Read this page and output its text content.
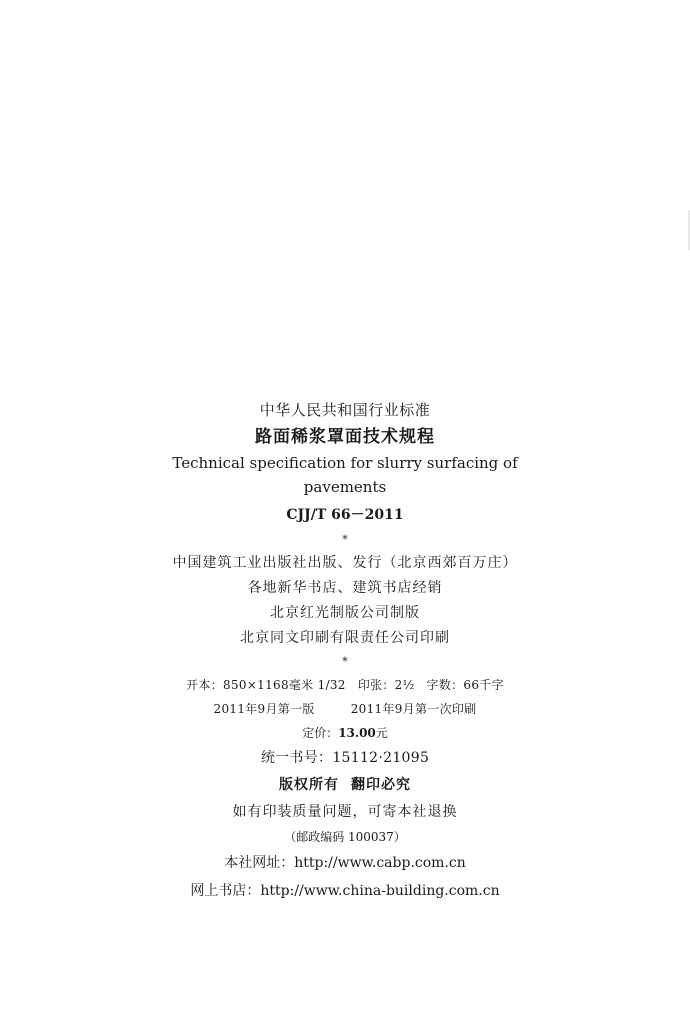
中华人民共和国行业标准
路面稀浆罩面技术规程
Technical specification for slurry surfacing of
pavements
CJJ/T 66－2011
*
中国建筑工业出版社出版、发行（北京西郊百万庄）
各地新华书店、建筑书店经销
北京红光制版公司制版
北京同文印刷有限责任公司印刷
*
开本：850×1168毫米 1/32 印张：2½ 字数：66千字
2011年9月第一版	2011年9月第一次印刷
定价：13.00元
统一书号：15112·21095
版权所有 翻印必究
如有印装质量问题，可寄本社退换
（邮政编码 100037）
本社网址：http://www.cabp.com.cn
网上书店：http://www.china-building.com.cn
